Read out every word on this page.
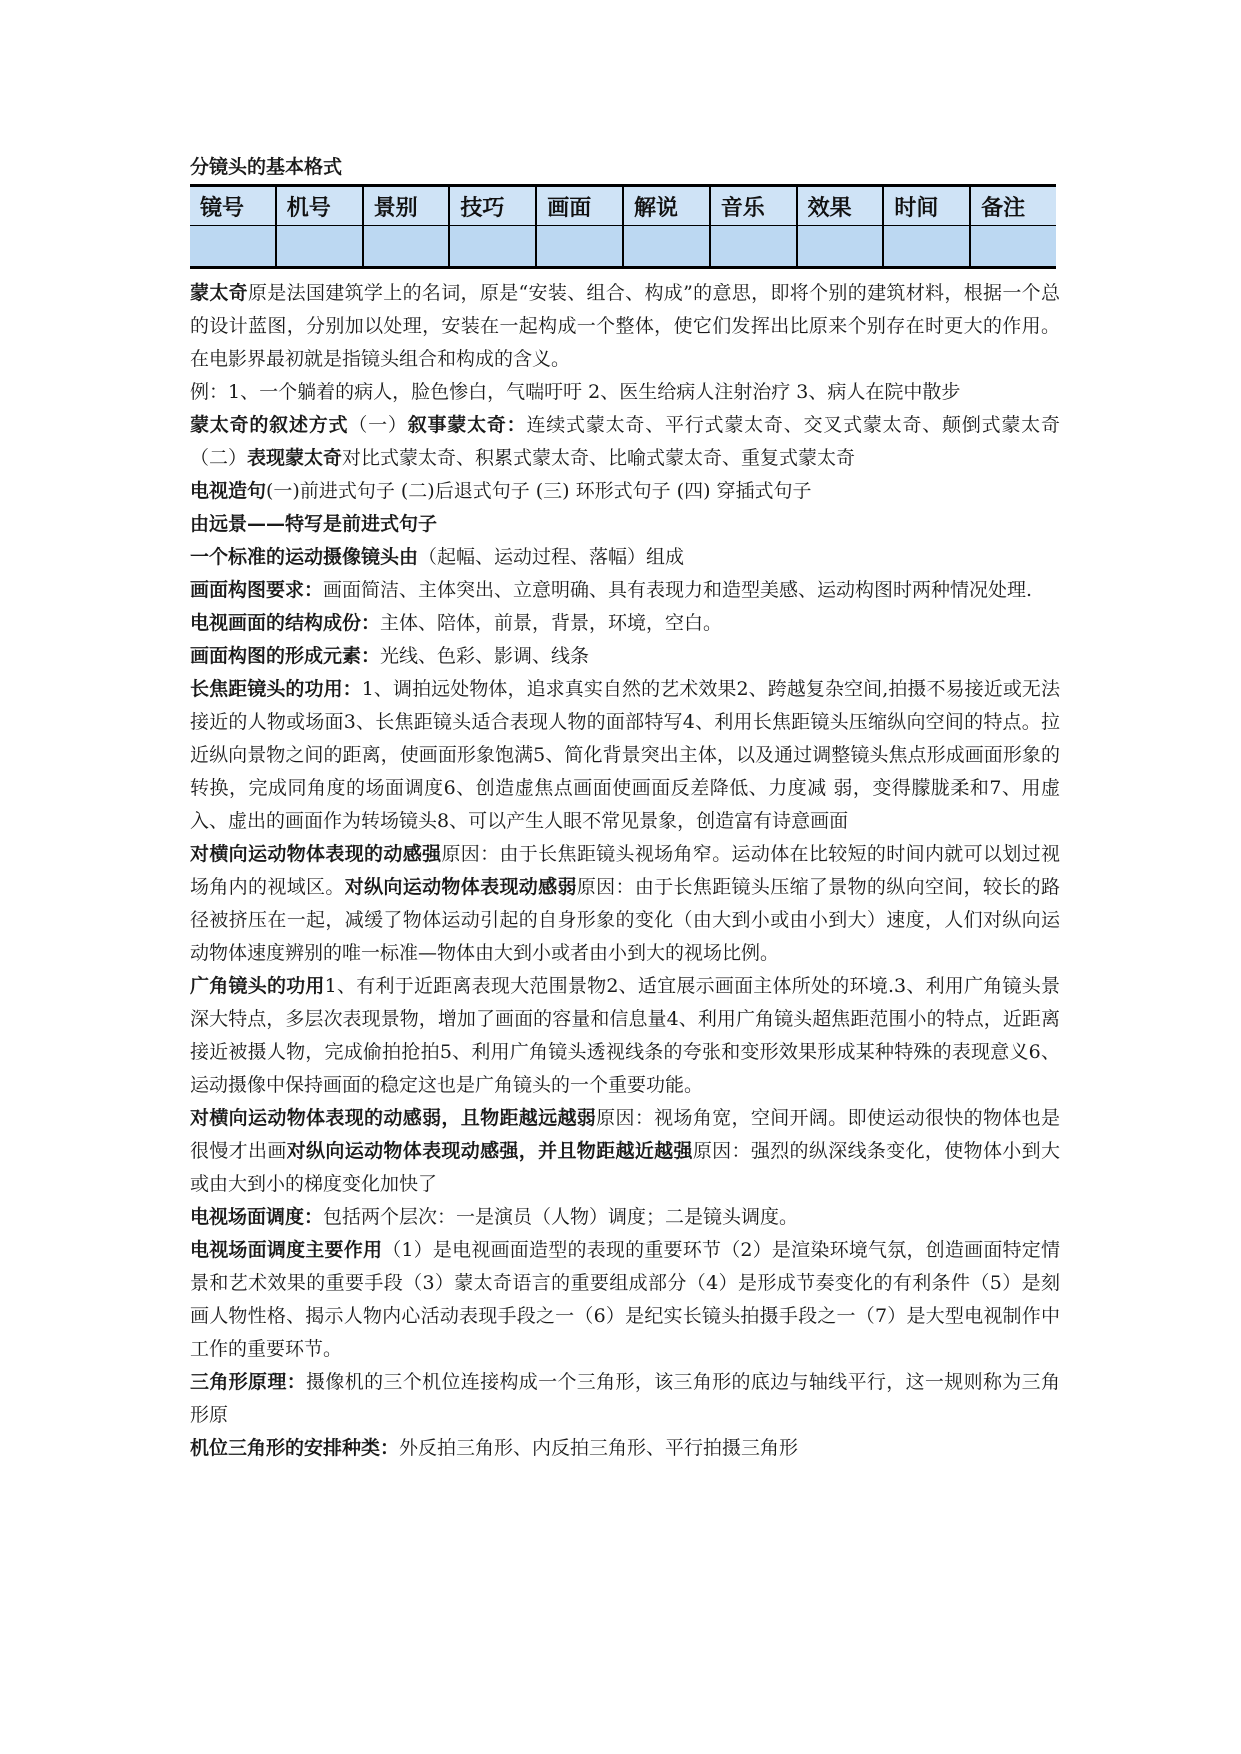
分镜头的基本格式
镜号	机号	景别	技巧	画面	解说	音乐	效果	时间	备注

蒙太奇原是法国建筑学上的名词，原是“安装、组合、构成”的意思，即将个别的建筑材料，根据一个总的设计蓝图，分别加以处理，安装在一起构成一个整体，使它们发挥出比原来个别存在时更大的作用。在电影界最初就是指镜头组合和构成的含义。

例：1、一个躺着的病人，脸色惨白，气喘吁吁 2、医生给病人注射治疗 3、病人在院中散步

蒙太奇的叙述方式（一）叙事蒙太奇：连续式蒙太奇、平行式蒙太奇、交叉式蒙太奇、颠倒式蒙太奇（二）表现蒙太奇对比式蒙太奇、积累式蒙太奇、比喻式蒙太奇、重复式蒙太奇

电视造句(一)前进式句子 (二)后退式句子 (三) 环形式句子 (四) 穿插式句子

由远景——特写是前进式句子

一个标准的运动摄像镜头由（起幅、运动过程、落幅）组成

画面构图要求：画面简洁、主体突出、立意明确、具有表现力和造型美感、运动构图时两种情况处理.

电视画面的结构成份：主体、陪体，前景，背景，环境，空白。

画面构图的形成元素：光线、色彩、影调、线条

长焦距镜头的功用：1、调拍远处物体，追求真实自然的艺术效果2、跨越复杂空间,拍摄不易接近或无法接近的人物或场面3、长焦距镜头适合表现人物的面部特写4、利用长焦距镜头压缩纵向空间的特点。拉近纵向景物之间的距离，使画面形象饱满5、简化背景突出主体，以及通过调整镜头焦点形成画面形象的转换，完成同角度的场面调度6、创造虚焦点画面使画面反差降低、力度减 弱，变得朦胧柔和7、用虚入、虚出的画面作为转场镜头8、可以产生人眼不常见景象，创造富有诗意画面

对横向运动物体表现的动感强原因：由于长焦距镜头视场角窄。运动体在比较短的时间内就可以划过视场角内的视域区。对纵向运动物体表现动感弱原因：由于长焦距镜头压缩了景物的纵向空间，较长的路径被挤压在一起，减缓了物体运动引起的自身形象的变化（由大到小或由小到大）速度，人们对纵向运动物体速度辨别的唯一标准—物体由大到小或者由小到大的视场比例。

广角镜头的功用1、有利于近距离表现大范围景物2、适宜展示画面主体所处的环境.3、利用广角镜头景深大特点，多层次表现景物，增加了画面的容量和信息量4、利用广角镜头超焦距范围小的特点，近距离接近被摄人物，完成偷拍抢拍5、利用广角镜头透视线条的夸张和变形效果形成某种特殊的表现意义6、运动摄像中保持画面的稳定这也是广角镜头的一个重要功能。

对横向运动物体表现的动感弱，且物距越远越弱原因：视场角宽，空间开阔。即使运动很快的物体也是很慢才出画对纵向运动物体表现动感强，并且物距越近越强原因：强烈的纵深线条变化，使物体小到大或由大到小的梯度变化加快了

电视场面调度：包括两个层次：一是演员（人物）调度；二是镜头调度。

电视场面调度主要作用（1）是电视画面造型的表现的重要环节（2）是渲染环境气氛，创造画面特定情景和艺术效果的重要手段（3）蒙太奇语言的重要组成部分（4）是形成节奏变化的有利条件（5）是刻画人物性格、揭示人物内心活动表现手段之一（6）是纪实长镜头拍摄手段之一（7）是大型电视制作中工作的重要环节。

三角形原理：摄像机的三个机位连接构成一个三角形，该三角形的底边与轴线平行，这一规则称为三角形原

机位三角形的安排种类：外反拍三角形、内反拍三角形、平行拍摄三角形
